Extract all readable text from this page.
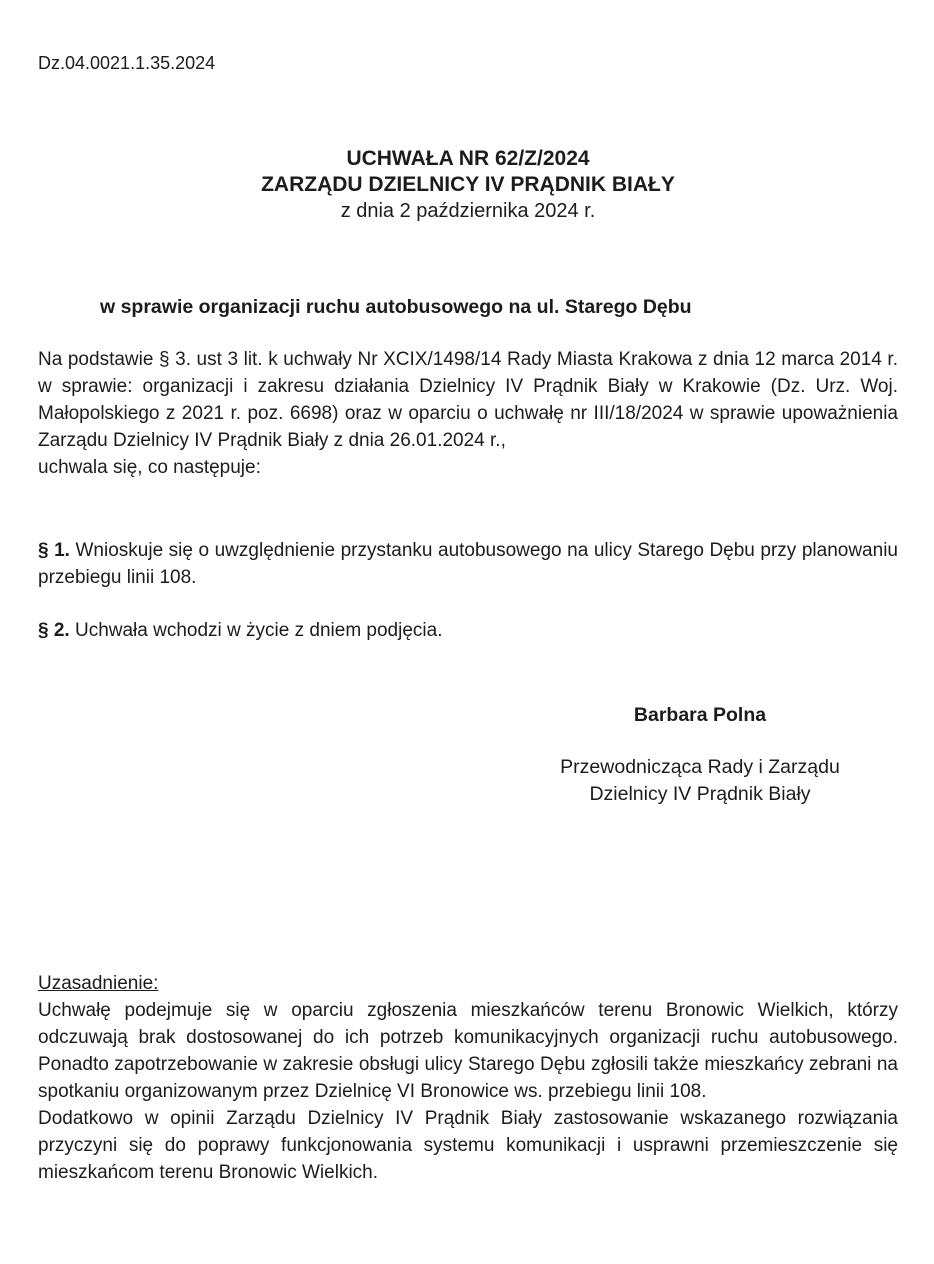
Dz.04.0021.1.35.2024
UCHWAŁA NR 62/Z/2024
ZARZĄDU DZIELNICY IV PRĄDNIK BIAŁY
z dnia 2 października 2024 r.
w sprawie organizacji ruchu autobusowego na ul. Starego Dębu
Na podstawie § 3. ust 3 lit. k uchwały Nr XCIX/1498/14 Rady Miasta Krakowa z dnia 12 marca 2014 r. w sprawie: organizacji i zakresu działania Dzielnicy IV Prądnik Biały w Krakowie (Dz. Urz. Woj. Małopolskiego z 2021 r. poz. 6698) oraz w oparciu o uchwałę nr III/18/2024 w sprawie upoważnienia Zarządu Dzielnicy IV Prądnik Biały z dnia 26.01.2024 r.,
uchwala się, co następuje:

§ 1. Wnioskuje się o uwzględnienie przystanku autobusowego na ulicy Starego Dębu przy planowaniu przebiegu linii 108.

§ 2. Uchwała wchodzi w życie z dniem podjęcia.

Barbara Polna
Przewodnicząca Rady i Zarządu
Dzielnicy IV Prądnik Biały
Uzasadnienie:

Uchwałę podejmuje się w oparciu zgłoszenia mieszkańców terenu Bronowic Wielkich, którzy odczuwają brak dostosowanej do ich potrzeb komunikacyjnych organizacji ruchu autobusowego. Ponadto zapotrzebowanie w zakresie obsługi ulicy Starego Dębu zgłosili także mieszkańcy zebrani na spotkaniu organizowanym przez Dzielnicę VI Bronowice ws. przebiegu linii 108.

Dodatkowo w opinii Zarządu Dzielnicy IV Prądnik Biały zastosowanie wskazanego rozwiązania przyczyni się do poprawy funkcjonowania systemu komunikacji i usprawni przemieszczenie się mieszkańcom terenu Bronowic Wielkich.
